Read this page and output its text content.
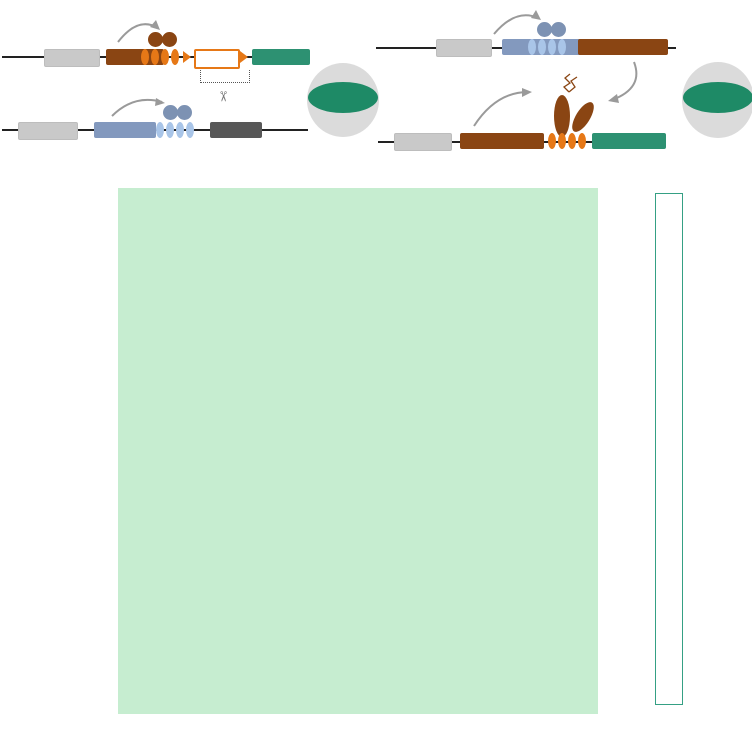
✂
